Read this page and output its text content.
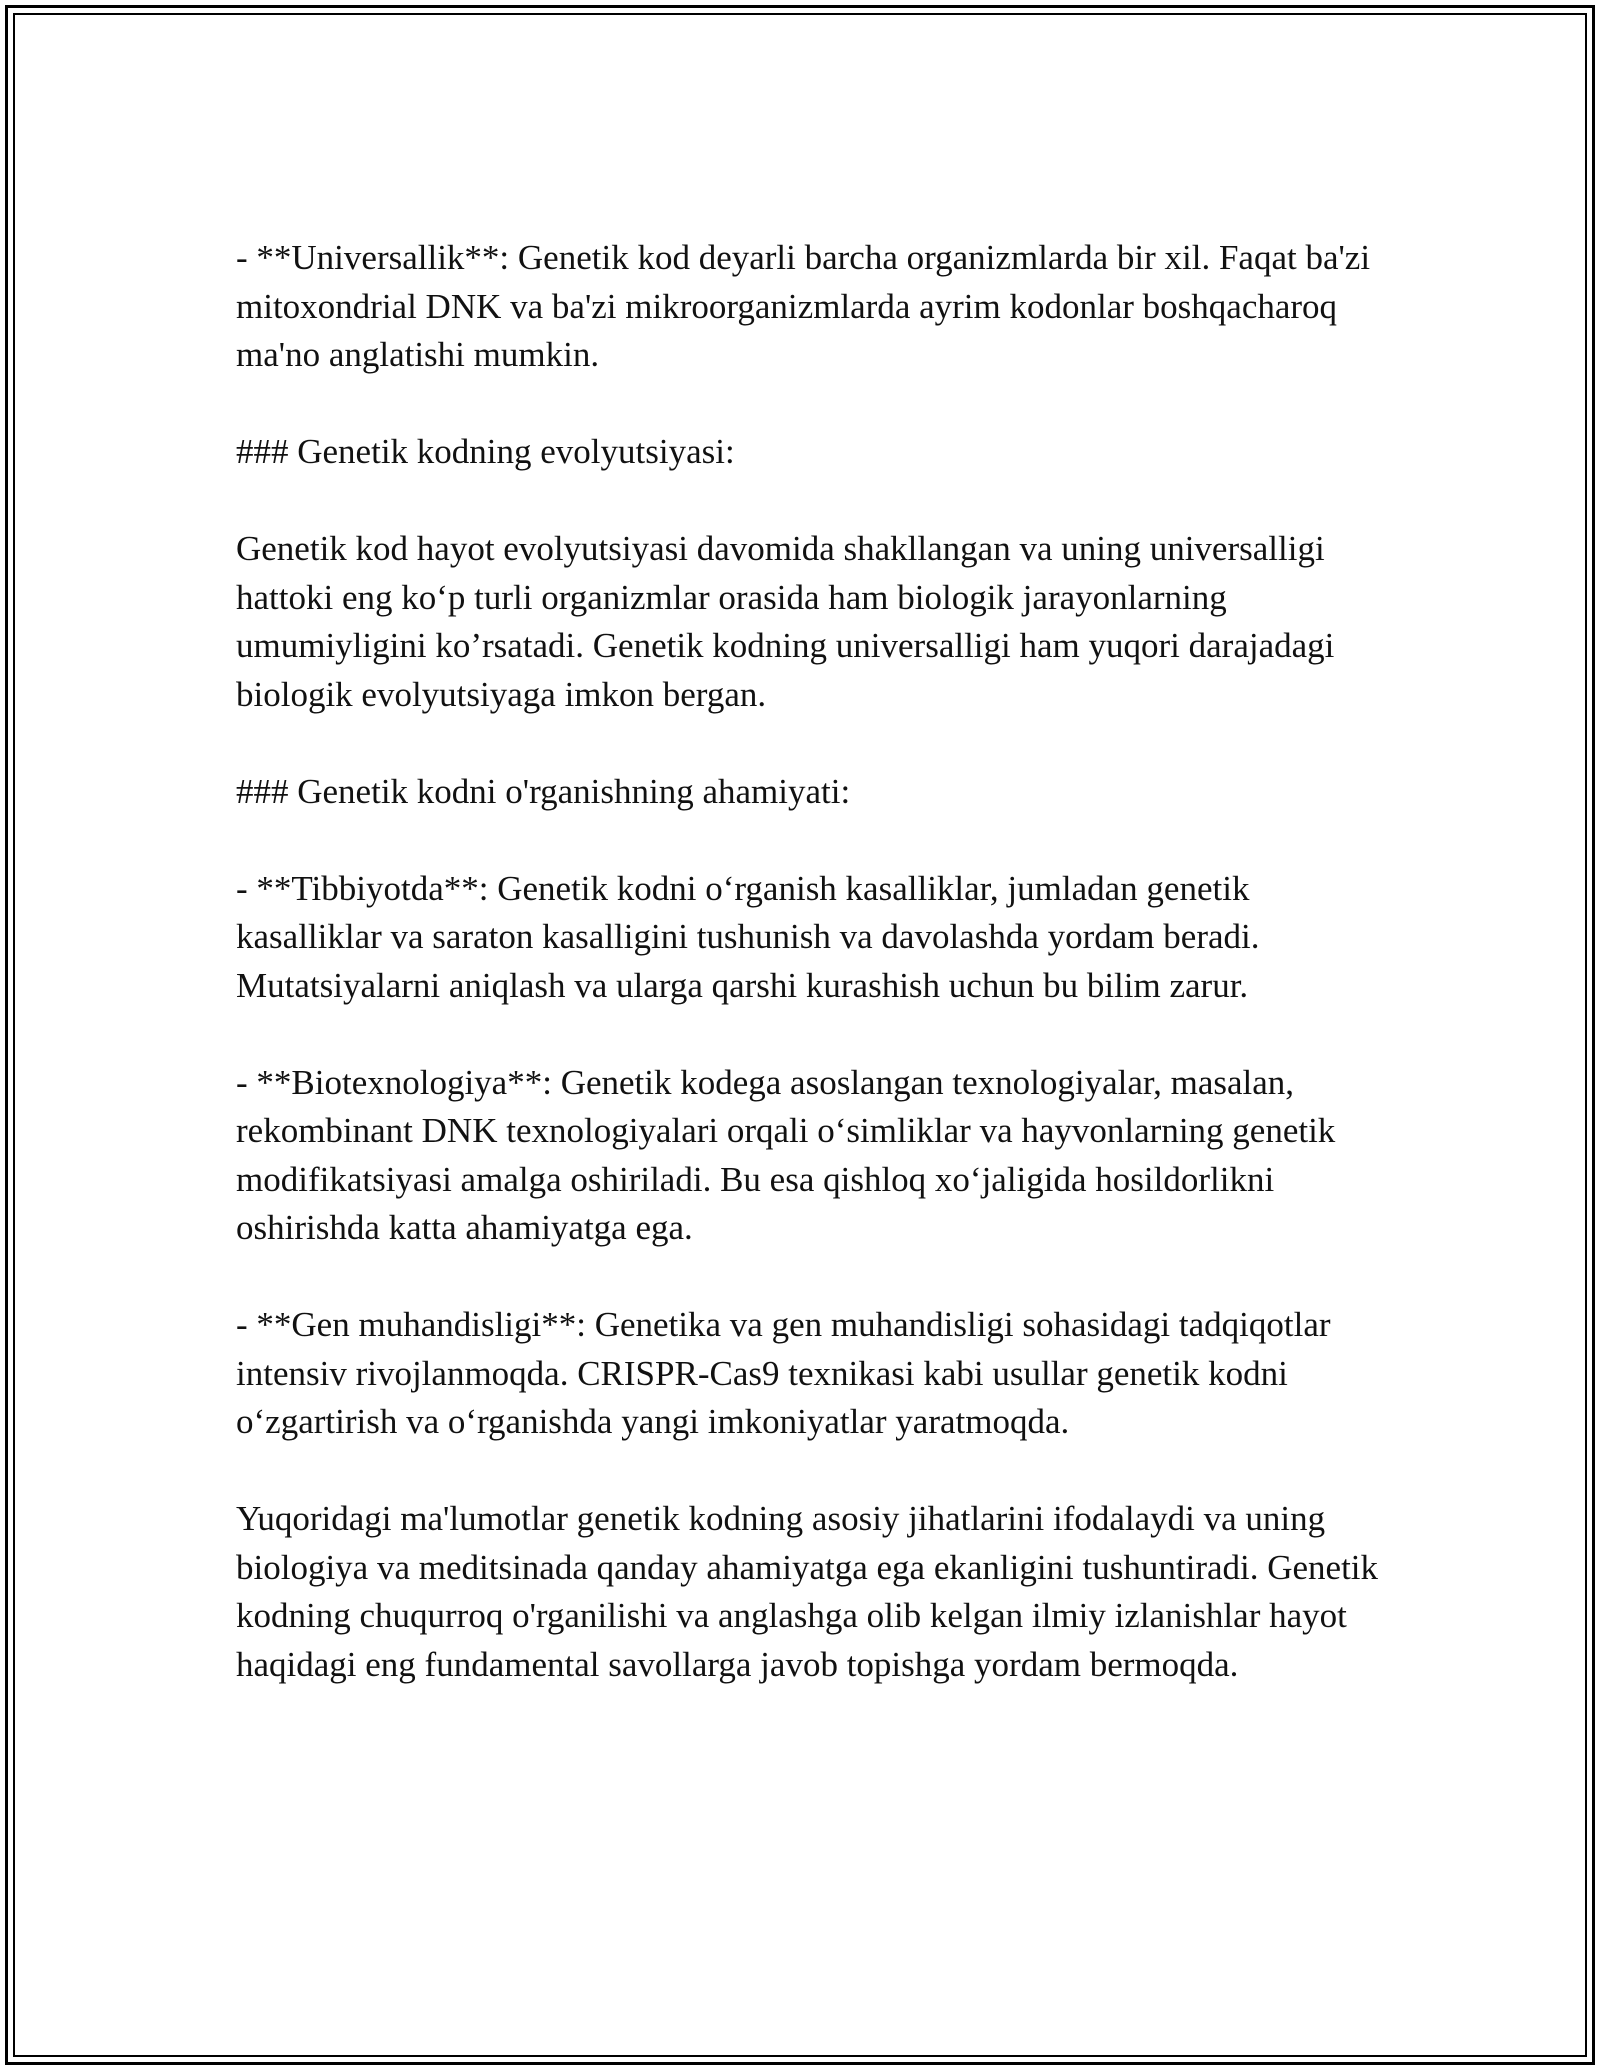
- **Universallik**: Genetik kod deyarli barcha organizmlarda bir xil. Faqat ba'zi mitoxondrial DNK va ba'zi mikroorganizmlarda ayrim kodonlar boshqacharoq ma'no anglatishi mumkin.

### Genetik kodning evolyutsiyasi:

Genetik kod hayot evolyutsiyasi davomida shakllangan va uning universalligi hattoki eng ko‘p turli organizmlar orasida ham biologik jarayonlarning umumiyligini ko’rsatadi. Genetik kodning universalligi ham yuqori darajadagi biologik evolyutsiyaga imkon bergan.

### Genetik kodni o'rganishning ahamiyati:

- **Tibbiyotda**: Genetik kodni o‘rganish kasalliklar, jumladan genetik kasalliklar va saraton kasalligini tushunish va davolashda yordam beradi. Mutatsiyalarni aniqlash va ularga qarshi kurashish uchun bu bilim zarur.

- **Biotexnologiya**: Genetik kodega asoslangan texnologiyalar, masalan, rekombinant DNK texnologiyalari orqali o‘simliklar va hayvonlarning genetik modifikatsiyasi amalga oshiriladi. Bu esa qishloq xo‘jaligida hosildorlikni oshirishda katta ahamiyatga ega.

- **Gen muhandisligi**: Genetika va gen muhandisligi sohasidagi tadqiqotlar intensiv rivojlanmoqda. CRISPR-Cas9 texnikasi kabi usullar genetik kodni o‘zgartirish va o‘rganishda yangi imkoniyatlar yaratmoqda.

Yuqoridagi ma'lumotlar genetik kodning asosiy jihatlarini ifodalaydi va uning biologiya va meditsinada qanday ahamiyatga ega ekanligini tushuntiradi. Genetik kodning chuqurroq o'rganilishi va anglashga olib kelgan ilmiy izlanishlar hayot haqidagi eng fundamental savollarga javob topishga yordam bermoqda.
